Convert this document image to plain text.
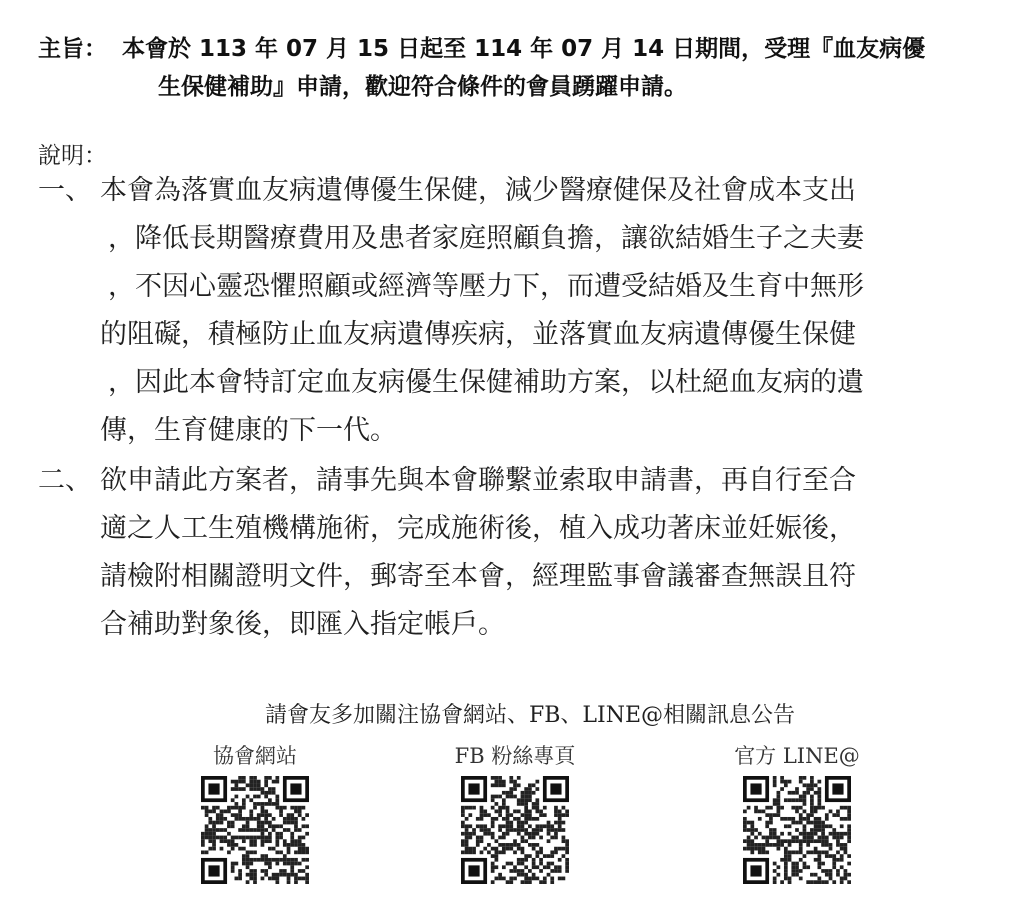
主旨： 本會於 113 年 07 月 15 日起至 114 年 07 月 14 日期間，受理『血友病優
生保健補助』申請，歡迎符合條件的會員踴躍申請。
說明：
一、 本會為落實血友病遺傳優生保健，減少醫療健保及社會成本支出
，降低長期醫療費用及患者家庭照顧負擔，讓欲結婚生子之夫妻
，不因心靈恐懼照顧或經濟等壓力下，而遭受結婚及生育中無形
的阻礙，積極防止血友病遺傳疾病，並落實血友病遺傳優生保健
，因此本會特訂定血友病優生保健補助方案，以杜絕血友病的遺
傳，生育健康的下一代。
二、 欲申請此方案者，請事先與本會聯繫並索取申請書，再自行至合
適之人工生殖機構施術，完成施術後，植入成功著床並妊娠後，
請檢附相關證明文件，郵寄至本會，經理監事會議審查無誤且符
合補助對象後，即匯入指定帳戶。
請會友多加關注協會網站、FB、LINE@相關訊息公告
協會網站	FB 粉絲專頁	官方 LINE@
